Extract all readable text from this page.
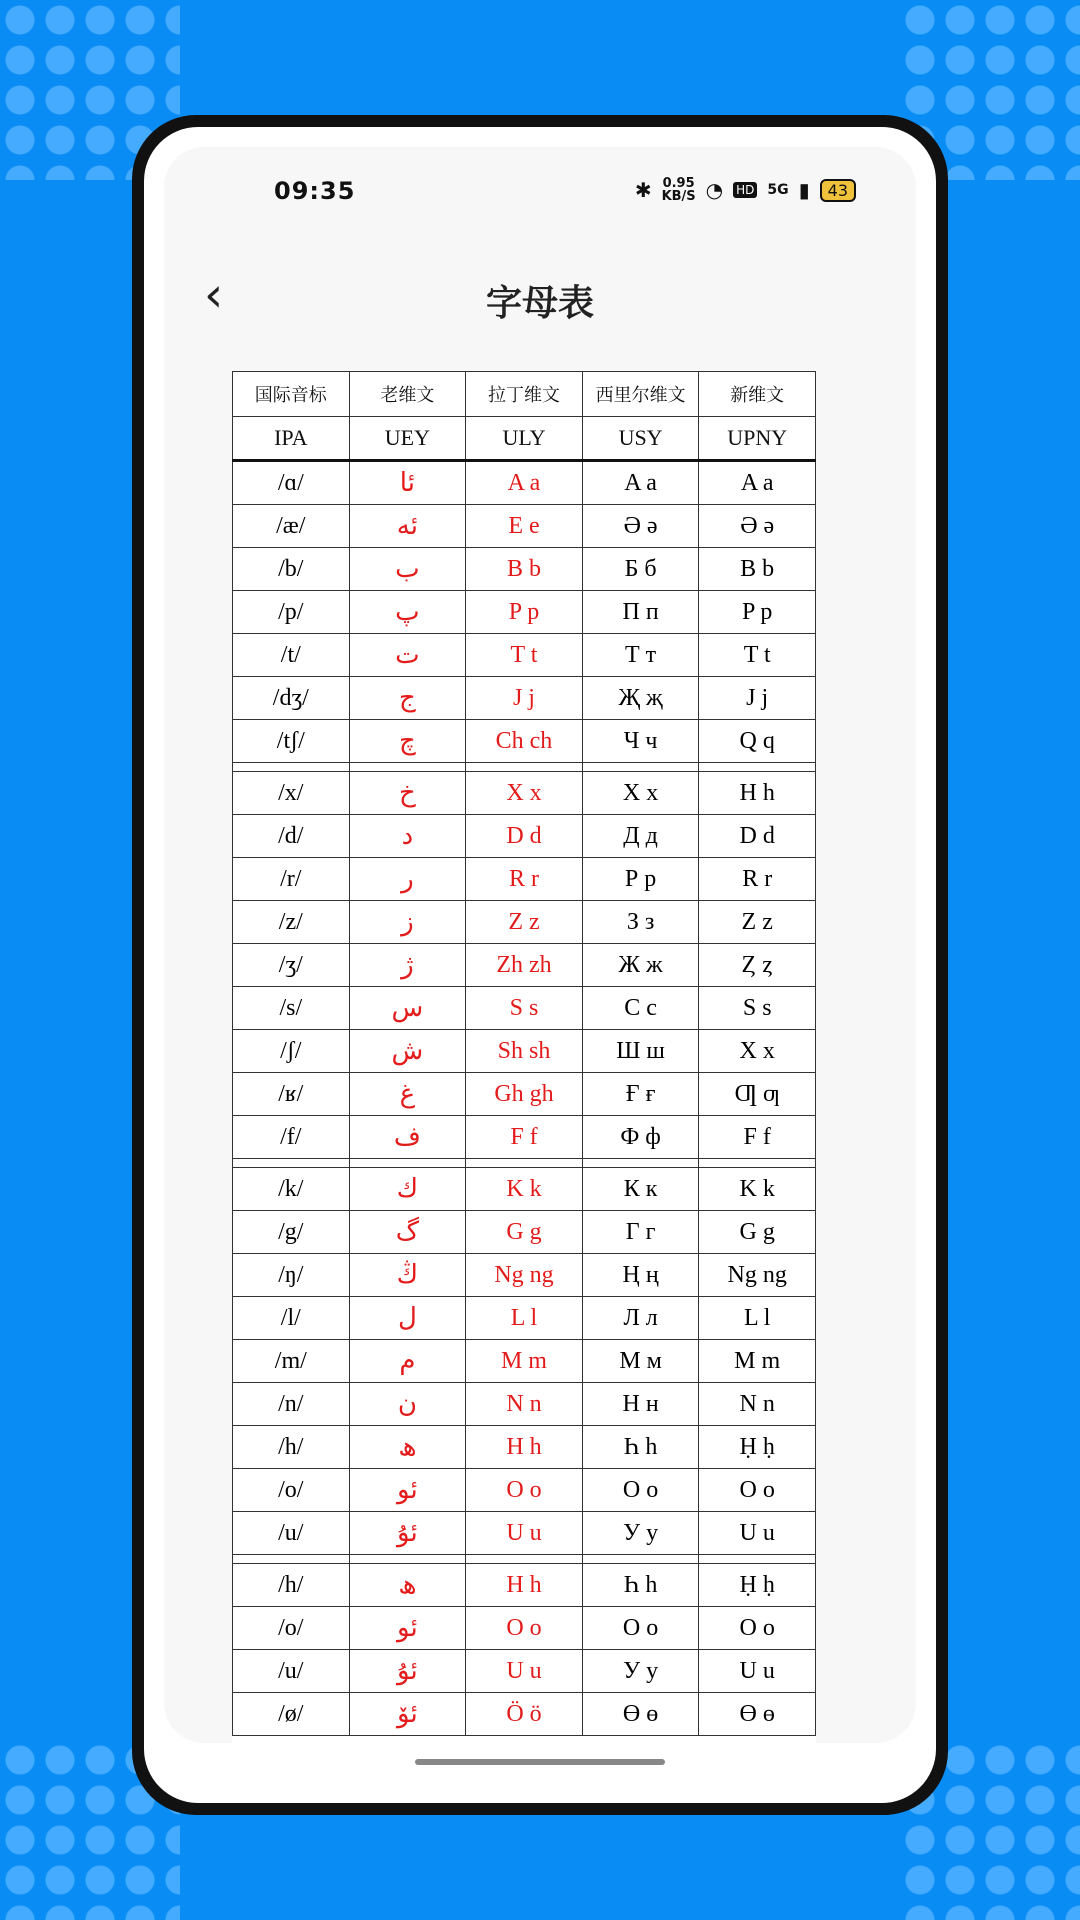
09:35	✱ 0.95
KB/S ◔ HD 5G ▮	43
‹	字母表
国际音标	老维文	拉丁维文	西里尔维文	新维文
IPA	UEY	ULY	USY	UPNY
/ɑ/	ئا	A a	A a	A a
/æ/	ئە	E e	Ә ә	Ə ə
/b/	ب	B b	Б б	B b
/p/	پ	P p	П п	P p
/t/	ت	T t	Т т	T t
/dʒ/	ج	J j	Җ җ	J j
/tʃ/	چ	Ch ch	Ч ч	Q q

/x/	خ	X x	Х х	H h
/d/	د	D d	Д д	D d
/r/	ر	R r	Р р	R r
/z/	ز	Z z	З з	Z z
/ʒ/	ژ	Zh zh	Ж ж	Ȥ ȥ
/s/	س	S s	С с	S s
/ʃ/	ش	Sh sh	Ш ш	X x
/ʁ/	غ	Gh gh	Ғ ғ	Ƣ ƣ
/f/	ف	F f	Ф ф	F f

/k/	ك	K k	К к	K k
/g/	گ	G g	Г г	G g
/ŋ/	ڭ	Ng ng	Ң ң	Ng ng
/l/	ل	L l	Л л	L l
/m/	م	M m	М м	M m
/n/	ن	N n	Н н	N n
/h/	ھ	H h	Һ һ	Ḥ ḥ
/o/	ئو	O o	О о	O o
/u/	ئۇ	U u	У у	U u

/h/	ھ	H h	Һ һ	Ḥ ḥ
/o/	ئو	O o	О о	O o
/u/	ئۇ	U u	У у	U u
/ø/	ئۆ	Ö ö	Ө ө	Ө ө
